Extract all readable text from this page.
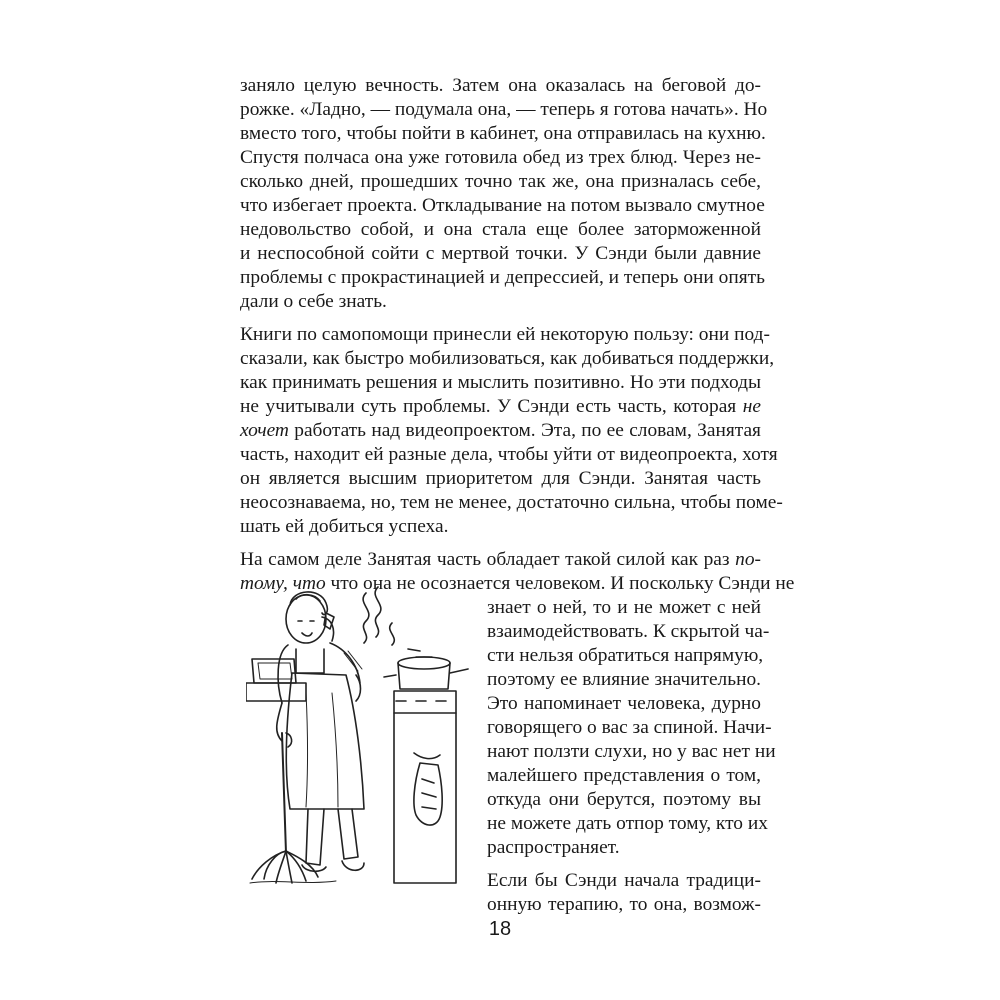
заняло целую вечность. Затем она оказалась на беговой до-
рожке. «Ладно, — подумала она, — теперь я готова начать». Но
вместо того, чтобы пойти в кабинет, она отправилась на кухню.
Спустя полчаса она уже готовила обед из трех блюд. Через не-
сколько дней, прошедших точно так же, она призналась себе,
что избегает проекта. Откладывание на потом вызвало смутное
недовольство собой, и она стала еще более заторможенной
и неспособной сойти с мертвой точки. У Сэнди были давние
проблемы с прокрастинацией и депрессией, и теперь они опять
дали о себе знать.
Книги по самопомощи принесли ей некоторую пользу: они под-
сказали, как быстро мобилизоваться, как добиваться поддержки,
как принимать решения и мыслить позитивно. Но эти подходы
не учитывали суть проблемы. У Сэнди есть часть, которая не
хочет работать над видеопроектом. Эта, по ее словам, Занятая
часть, находит ей разные дела, чтобы уйти от видеопроекта, хотя
он является высшим приоритетом для Сэнди. Занятая часть
неосознаваема, но, тем не менее, достаточно сильна, чтобы поме-
шать ей добиться успеха.
На самом деле Занятая часть обладает такой силой как раз по-
тому, что что она не осознается человеком. И поскольку Сэнди не
знает о ней, то и не может с ней
взаимодействовать. К скрытой ча-
сти нельзя обратиться напрямую,
поэтому ее влияние значительно.
Это напоминает человека, дурно
говорящего о вас за спиной. Начи-
нают ползти слухи, но у вас нет ни
малейшего представления о том,
откуда они берутся, поэтому вы
не можете дать отпор тому, кто их
распространяет.
Если бы Сэнди начала традици-
онную терапию, то она, возмож-
18
